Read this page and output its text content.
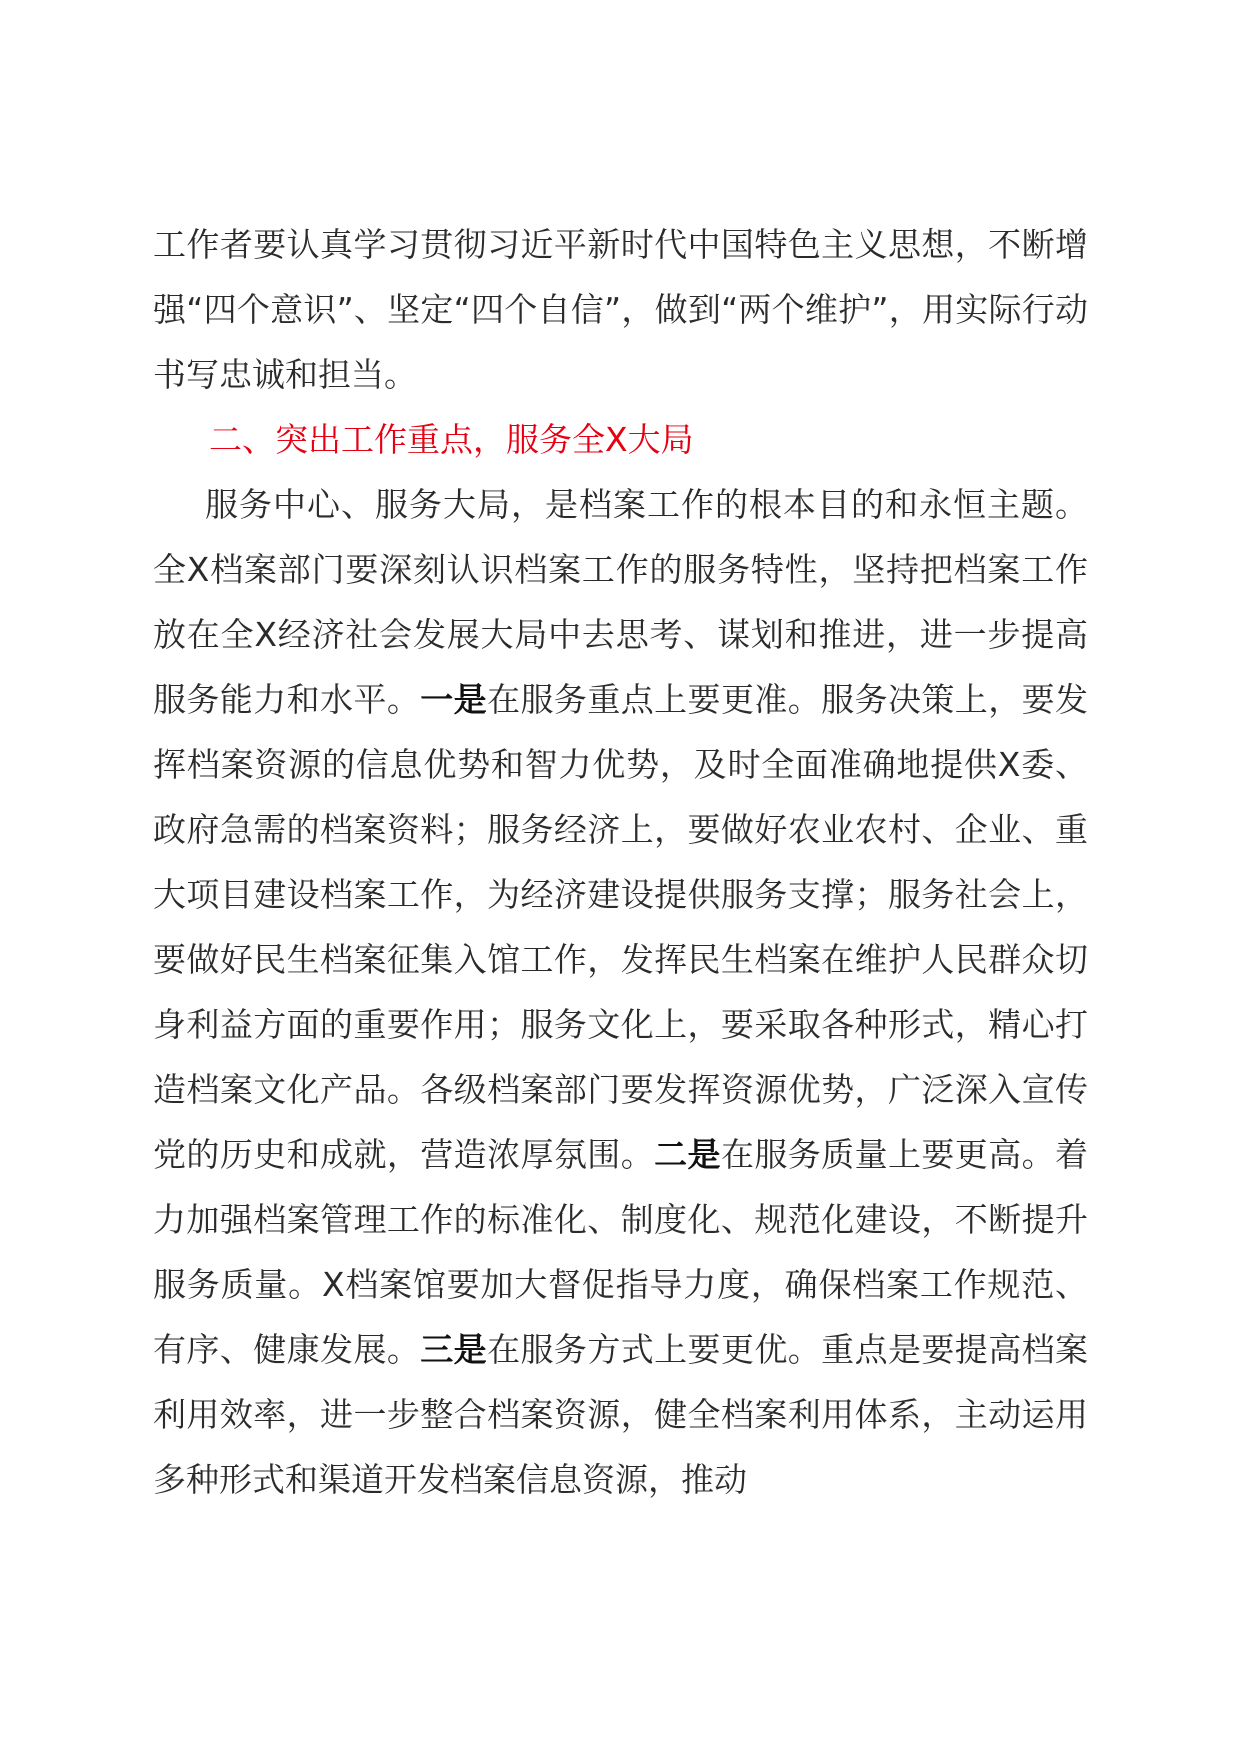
工作者要认真学习贯彻习近平新时代中国特色主义思想，不断增强“四个意识”、坚定“四个自信”，做到“两个维护”，用实际行动书写忠诚和担当。

二、突出工作重点，服务全X大局

服务中心、服务大局，是档案工作的根本目的和永恒主题。全X档案部门要深刻认识档案工作的服务特性，坚持把档案工作放在全X经济社会发展大局中去思考、谋划和推进，进一步提高服务能力和水平。一是在服务重点上要更准。服务决策上，要发挥档案资源的信息优势和智力优势，及时全面准确地提供X委、政府急需的档案资料；服务经济上，要做好农业农村、企业、重大项目建设档案工作，为经济建设提供服务支撑；服务社会上，要做好民生档案征集入馆工作，发挥民生档案在维护人民群众切身利益方面的重要作用；服务文化上，要采取各种形式，精心打造档案文化产品。各级档案部门要发挥资源优势，广泛深入宣传党的历史和成就，营造浓厚氛围。二是在服务质量上要更高。着力加强档案管理工作的标准化、制度化、规范化建设，不断提升服务质量。X档案馆要加大督促指导力度，确保档案工作规范、有序、健康发展。三是在服务方式上要更优。重点是要提高档案利用效率，进一步整合档案资源，健全档案利用体系，主动运用多种形式和渠道开发档案信息资源，推动
